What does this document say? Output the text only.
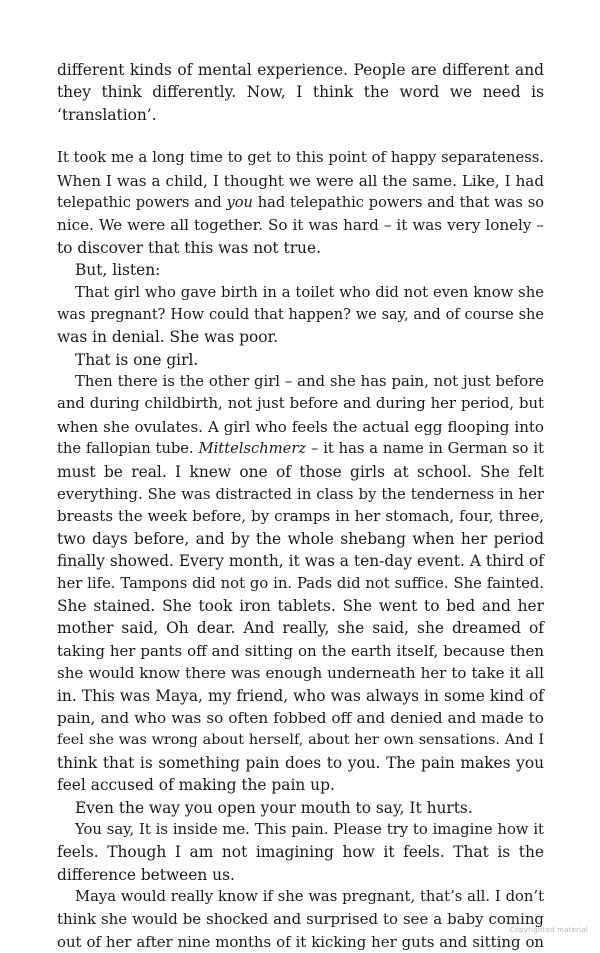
different kinds of mental experience. People are different and
they think differently. Now, I think the word we need is
‘translation’.
It took me a long time to get to this point of happy separateness.
When I was a child, I thought we were all the same. Like, I had
telepathic powers and you had telepathic powers and that was so
nice. We were all together. So it was hard – it was very lonely –
to discover that this was not true.
But, listen:
That girl who gave birth in a toilet who did not even know she
was pregnant? How could that happen? we say, and of course she
was in denial. She was poor.
That is one girl.
Then there is the other girl – and she has pain, not just before
and during childbirth, not just before and during her period, but
when she ovulates. A girl who feels the actual egg flooping into
the fallopian tube. Mittelschmerz – it has a name in German so it
must be real. I knew one of those girls at school. She felt
everything. She was distracted in class by the tenderness in her
breasts the week before, by cramps in her stomach, four, three,
two days before, and by the whole shebang when her period
finally showed. Every month, it was a ten-day event. A third of
her life. Tampons did not go in. Pads did not suffice. She fainted.
She stained. She took iron tablets. She went to bed and her
mother said, Oh dear. And really, she said, she dreamed of
taking her pants off and sitting on the earth itself, because then
she would know there was enough underneath her to take it all
in. This was Maya, my friend, who was always in some kind of
pain, and who was so often fobbed off and denied and made to
feel she was wrong about herself, about her own sensations. And I
think that is something pain does to you. The pain makes you
feel accused of making the pain up.
Even the way you open your mouth to say, It hurts.
You say, It is inside me. This pain. Please try to imagine how it
feels. Though I am not imagining how it feels. That is the
difference between us.
Maya would really know if she was pregnant, that’s all. I don’t
think she would be shocked and surprised to see a baby coming
out of her after nine months of it kicking her guts and sitting on
Copyrighted material
